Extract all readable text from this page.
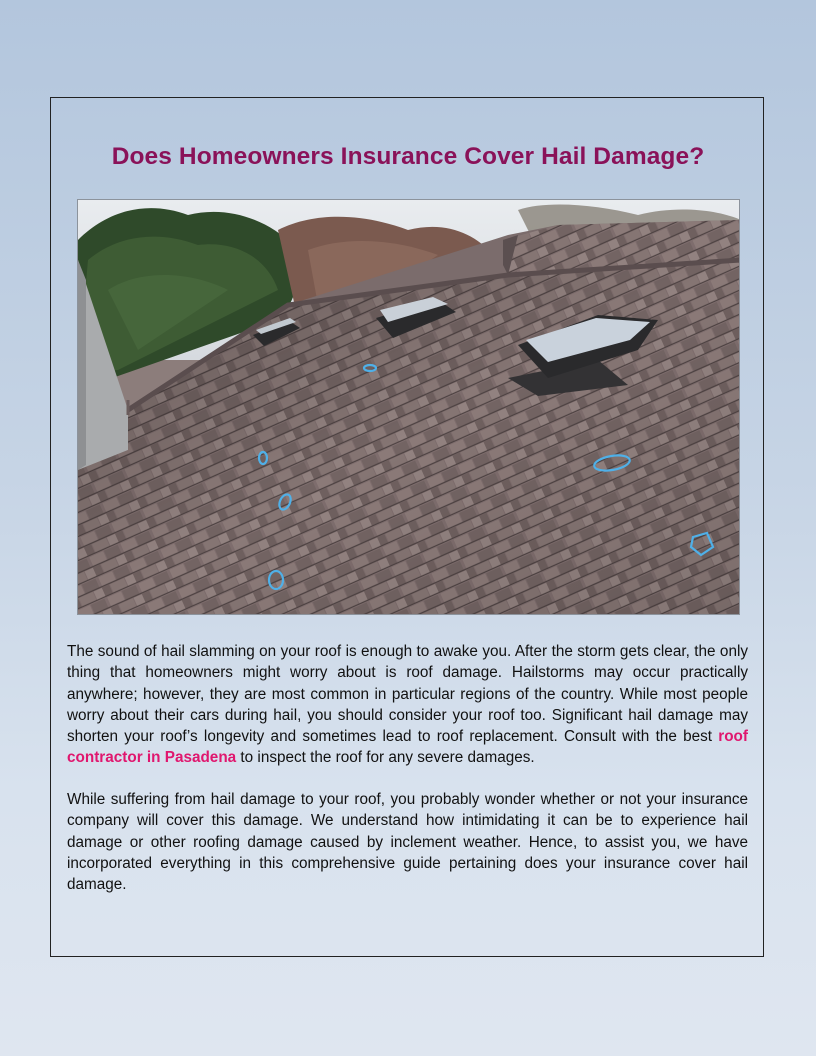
Does Homeowners Insurance Cover Hail Damage?

The sound of hail slamming on your roof is enough to awake you. After the storm gets clear, the only thing that homeowners might worry about is roof damage. Hailstorms may occur practically anywhere; however, they are most common in particular regions of the country. While most people worry about their cars during hail, you should consider your roof too. Significant hail damage may shorten your roof’s longevity and sometimes lead to roof replacement. Consult with the best roof contractor in Pasadena to inspect the roof for any severe damages.

While suffering from hail damage to your roof, you probably wonder whether or not your insurance company will cover this damage. We understand how intimidating it can be to experience hail damage or other roofing damage caused by inclement weather. Hence, to assist you, we have incorporated everything in this comprehensive guide pertaining does your insurance cover hail damage.
